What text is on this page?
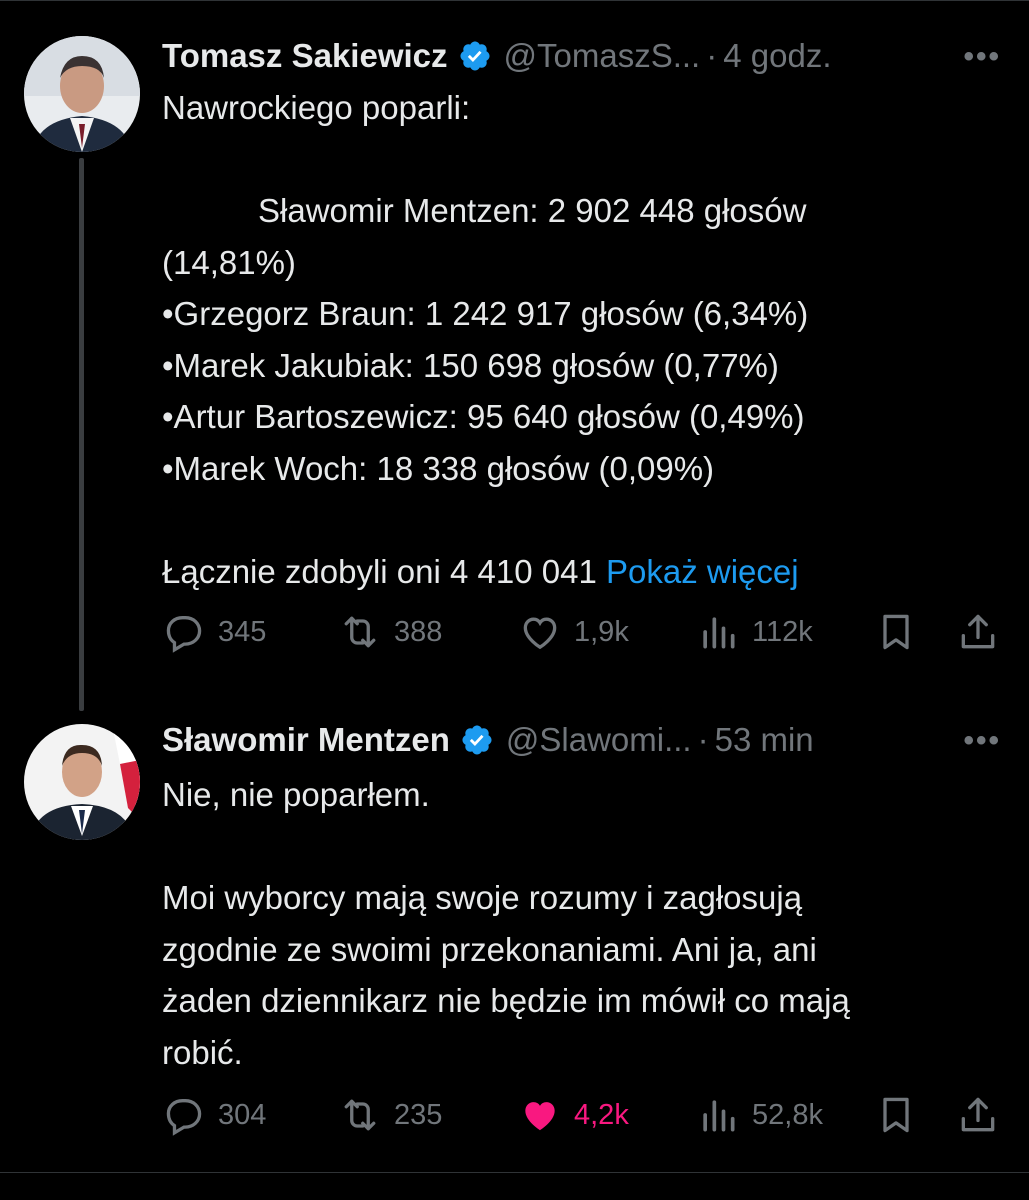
Tomasz Sakiewicz @TomaszS... · 4 godz.	•••

Nawrockiego poparli:

Sławomir Mentzen: 2 902 448 głosów

(14,81%)

•Grzegorz Braun: 1 242 917 głosów (6,34%)

•Marek Jakubiak: 150 698 głosów (0,77%)

•Artur Bartoszewicz: 95 640 głosów (0,49%)

•Marek Woch: 18 338 głosów (0,09%)

Łącznie zdobyli oni 4 410 041 Pokaż więcej

345	388	1,9k	112k
Sławomir Mentzen @Slawomi... · 53 min	•••

Nie, nie poparłem.

Moi wyborcy mają swoje rozumy i zagłosują

zgodnie ze swoimi przekonaniami. Ani ja, ani

żaden dziennikarz nie będzie im mówił co mają

robić.

304	235	4,2k	52,8k
